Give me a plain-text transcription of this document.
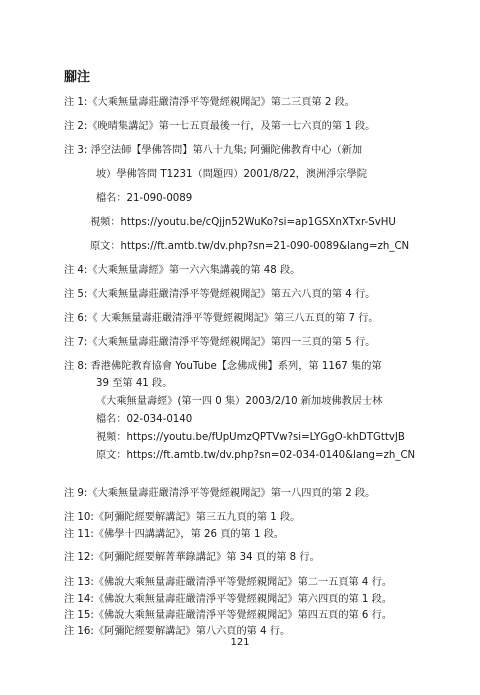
腳注
注 1:《大乘無量壽莊嚴清淨平等覺經親聞記》第二三頁第 2 段。
注 2:《晚晴集講記》第一七五頁最後一行，及第一七六頁的第 1 段。
注 3: 淨空法師【學佛答問】第八十九集; 阿彌陀佛教育中心（新加
坡）學佛答問 T1231（問題四）2001/8/22，澳洲淨宗學院
檔名：21-090-0089
視頻：https://youtu.be/cQjjn52WuKo?si=ap1GSXnXTxr-SvHU
原文：https://ft.amtb.tw/dv.php?sn=21-090-0089&lang=zh_CN
注 4:《大乘無量壽經》第一六六集講義的第 48 段。
注 5:《大乘無量壽莊嚴清淨平等覺經親聞記》第五六八頁的第 4 行。
注 6:《 大乘無量壽莊嚴清淨平等覺經親聞記》第三八五頁的第 7 行。
注 7:《大乘無量壽莊嚴清淨平等覺經親聞記》第四一三頁的第 5 行。
注 8: 香港佛陀教育協會 YouTube【念佛成佛】系列，第 1167 集的第
39 至第 41 段。
《大乘無量壽經》(第一四 0 集）2003/2/10 新加坡佛教居士林
檔名：02-034-0140
視頻：https://youtu.be/fUpUmzQPTVw?si=LYGgO-khDTGttvJB
原文：https://ft.amtb.tw/dv.php?sn=02-034-0140&lang=zh_CN
注 9:《大乘無量壽莊嚴清淨平等覺經親聞記》第一八四頁的第 2 段。
注 10:《阿彌陀經要解講記》第三五九頁的第 1 段。
注 11:《佛學十四講講記》，第 26 頁的第 1 段。
注 12:《阿彌陀經要解菁華錄講記》第 34 頁的第 8 行。
注 13:《佛說大乘無量壽莊嚴清淨平等覺經親聞記》第二一五頁第 4 行。
注 14:《佛說大乘無量壽莊嚴清淨平等覺經親聞記》第六四頁的第 1 段。
注 15:《佛說大乘無量壽莊嚴清淨平等覺經親聞記》第四五頁的第 6 行。
注 16:《阿彌陀經要解講記》第八六頁的第 4 行。
121
